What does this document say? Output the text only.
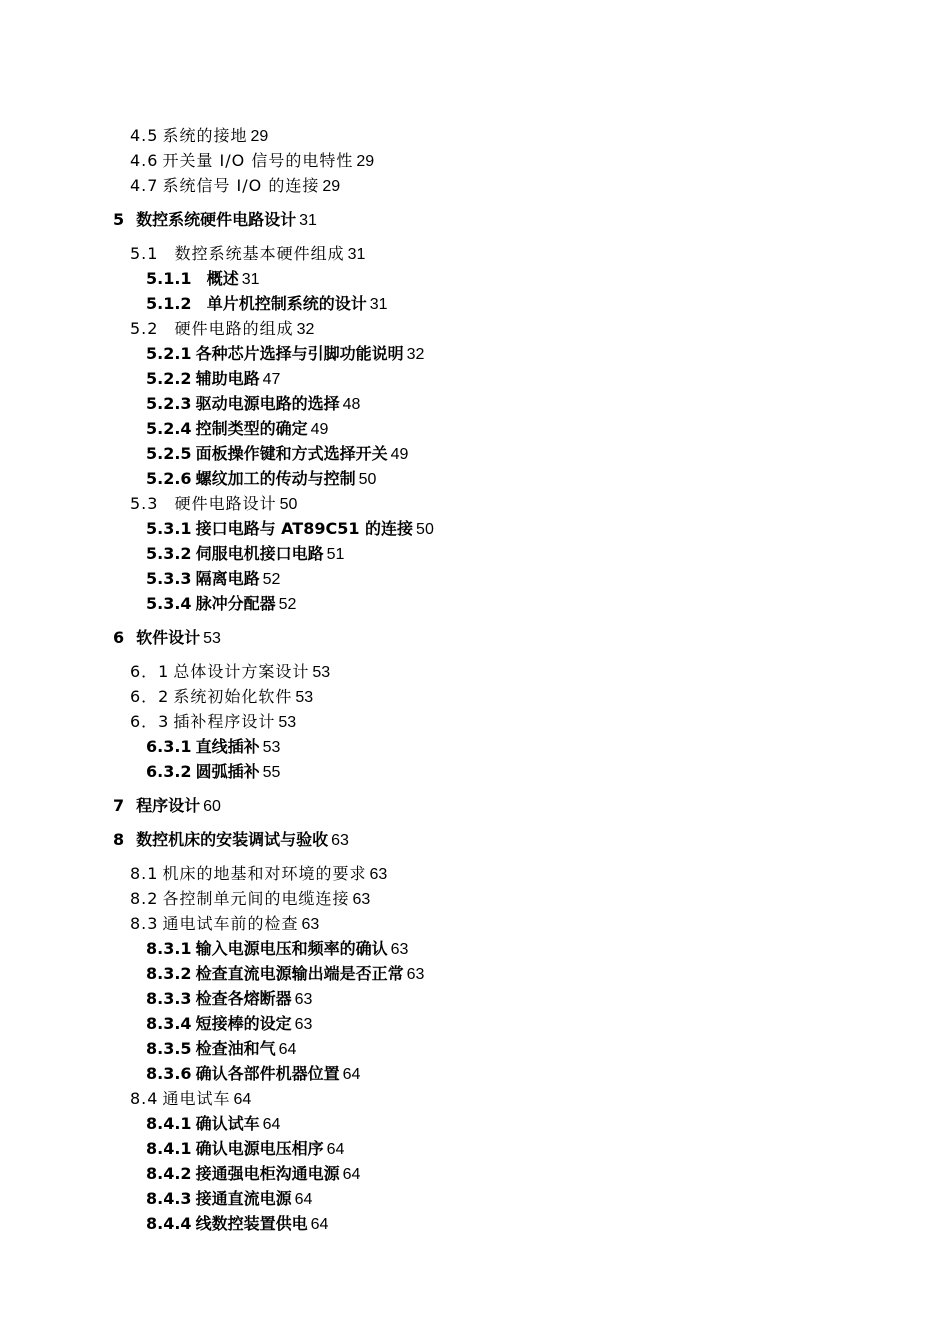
4.5 系统的接地 29
4.6 开关量 I/O 信号的电特性 29
4.7 系统信号 I/O 的连接 29
5 数控系统硬件电路设计 31
5.1 数控系统基本硬件组成 31
5.1.1 概述 31
5.1.2 单片机控制系统的设计 31
5.2 硬件电路的组成 32
5.2.1 各种芯片选择与引脚功能说明 32
5.2.2 辅助电路 47
5.2.3 驱动电源电路的选择 48
5.2.4 控制类型的确定 49
5.2.5 面板操作键和方式选择开关 49
5.2.6 螺纹加工的传动与控制 50
5.3 硬件电路设计 50
5.3.1 接口电路与 AT89C51 的连接 50
5.3.2 伺服电机接口电路 51
5.3.3 隔离电路 52
5.3.4 脉冲分配器 52
6 软件设计 53
6．1 总体设计方案设计 53
6．2 系统初始化软件 53
6．3 插补程序设计 53
6.3.1 直线插补 53
6.3.2 圆弧插补 55
7 程序设计 60
8 数控机床的安装调试与验收 63
8.1 机床的地基和对环境的要求 63
8.2 各控制单元间的电缆连接 63
8.3 通电试车前的检查 63
8.3.1 输入电源电压和频率的确认 63
8.3.2 检查直流电源输出端是否正常 63
8.3.3 检查各熔断器 63
8.3.4 短接棒的设定 63
8.3.5 检查油和气 64
8.3.6 确认各部件机器位置 64
8.4 通电试车 64
8.4.1 确认试车 64
8.4.1 确认电源电压相序 64
8.4.2 接通强电柜沟通电源 64
8.4.3 接通直流电源 64
8.4.4 线数控装置供电 64
